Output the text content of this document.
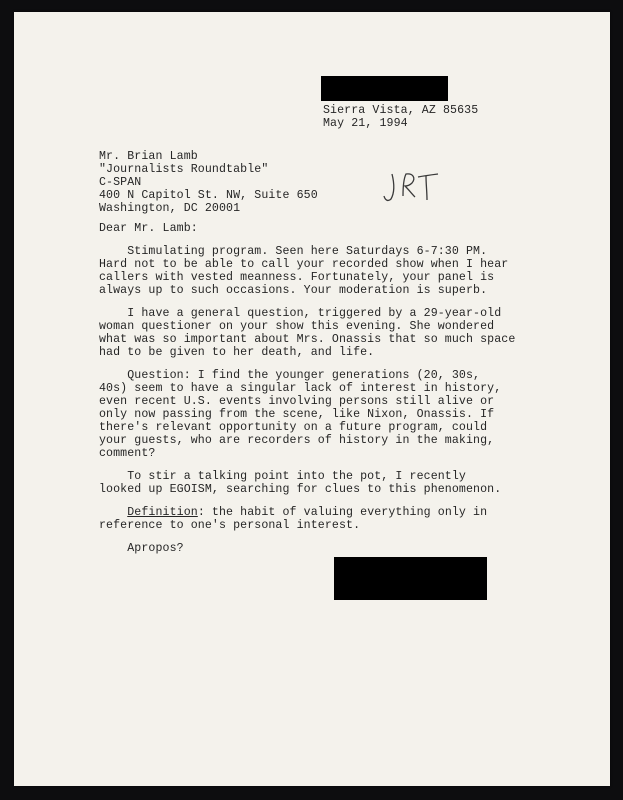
Sierra Vista, AZ 85635
May 21, 1994
Mr. Brian Lamb
"Journalists Roundtable"
C-SPAN
400 N Capitol St. NW, Suite 650
Washington, DC 20001
Dear Mr. Lamb:
Stimulating program. Seen here Saturdays 6-7:30 PM.
Hard not to be able to call your recorded show when I hear
callers with vested meanness. Fortunately, your panel is
always up to such occasions. Your moderation is superb.
I have a general question, triggered by a 29-year-old
woman questioner on your show this evening. She wondered
what was so important about Mrs. Onassis that so much space
had to be given to her death, and life.
Question: I find the younger generations (20, 30s,
40s) seem to have a singular lack of interest in history,
even recent U.S. events involving persons still alive or
only now passing from the scene, like Nixon, Onassis. If
there's relevant opportunity on a future program, could
your guests, who are recorders of history in the making,
comment?
To stir a talking point into the pot, I recently
looked up EGOISM, searching for clues to this phenomenon.
Definition: the habit of valuing everything only in
reference to one's personal interest.
Apropos?
